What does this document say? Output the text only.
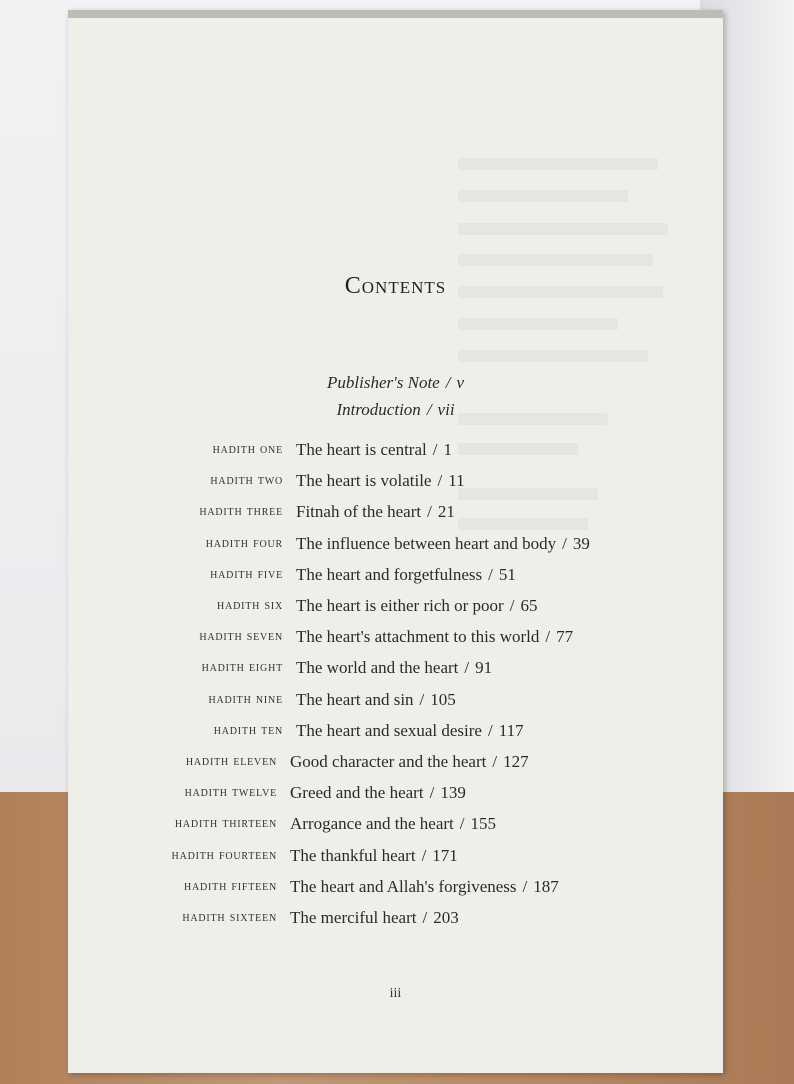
Contents
Publisher's Note / v
Introduction / vii
hadith one The heart is central / 1
hadith two The heart is volatile / 11
hadith three Fitnah of the heart / 21
hadith four The influence between heart and body / 39
hadith five The heart and forgetfulness / 51
hadith six The heart is either rich or poor / 65
hadith seven The heart's attachment to this world / 77
hadith eight The world and the heart / 91
hadith nine The heart and sin / 105
hadith ten The heart and sexual desire / 117
hadith eleven Good character and the heart / 127
hadith twelve Greed and the heart / 139
hadith thirteen Arrogance and the heart / 155
hadith fourteen The thankful heart / 171
hadith fifteen The heart and Allah's forgiveness / 187
hadith sixteen The merciful heart / 203
iii
